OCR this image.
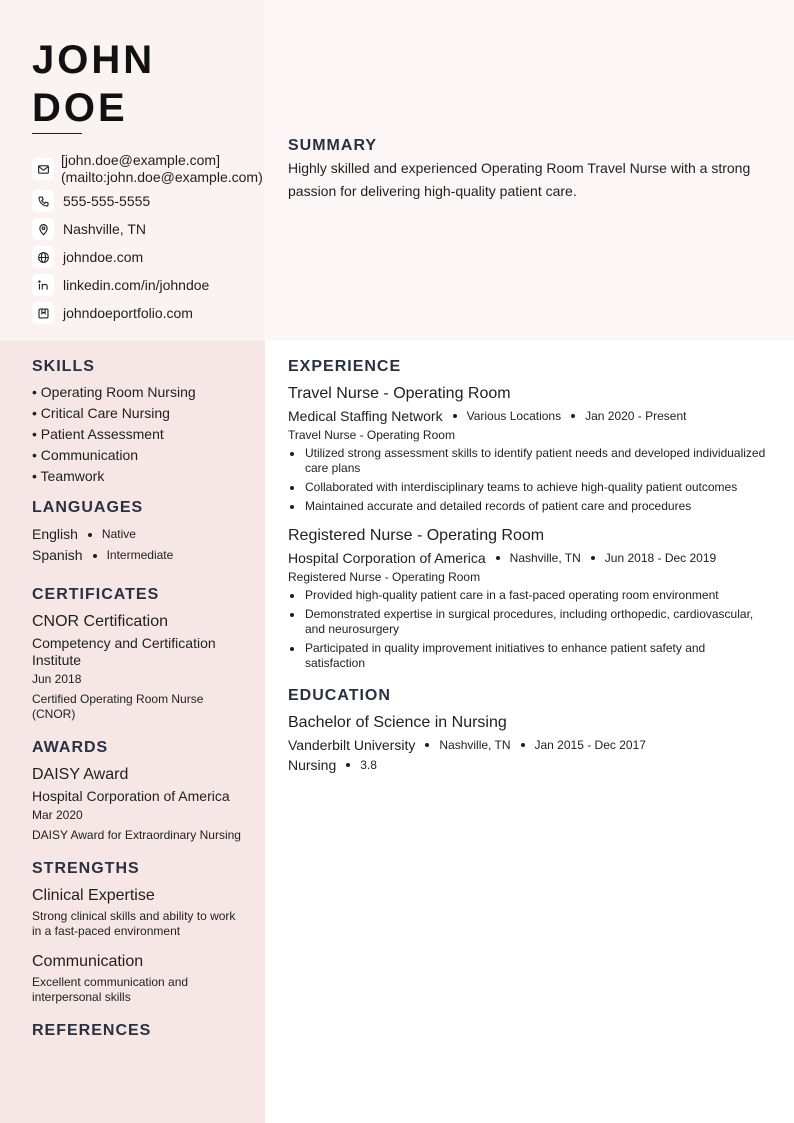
JOHN
DOE
[john.doe@example.com]
(mailto:john.doe@example.com)
555-555-5555
Nashville, TN
johndoe.com
linkedin.com/in/johndoe
johndoeportfolio.com
SUMMARY

Highly skilled and experienced Operating Room Travel Nurse with a strong passion for delivering high-quality patient care.

SKILLS
• Operating Room Nursing
• Critical Care Nursing
• Patient Assessment
• Communication
• Teamwork
LANGUAGES
English Native
Spanish Intermediate
CERTIFICATES
CNOR Certification
Competency and Certification Institute
Jun 2018
Certified Operating Room Nurse (CNOR)
AWARDS
DAISY Award
Hospital Corporation of America
Mar 2020
DAISY Award for Extraordinary Nursing
STRENGTHS
Clinical Expertise
Strong clinical skills and ability to work in a fast-paced environment
Communication
Excellent communication and interpersonal skills
REFERENCES
EXPERIENCE
Travel Nurse - Operating Room
Medical Staffing Network Various Locations Jan 2020 - Present
Travel Nurse - Operating Room
Utilized strong assessment skills to identify patient needs and developed individualized care plans
Collaborated with interdisciplinary teams to achieve high-quality patient outcomes
Maintained accurate and detailed records of patient care and procedures
Registered Nurse - Operating Room
Hospital Corporation of America Nashville, TN Jun 2018 - Dec 2019
Registered Nurse - Operating Room
Provided high-quality patient care in a fast-paced operating room environment
Demonstrated expertise in surgical procedures, including orthopedic, cardiovascular, and neurosurgery
Participated in quality improvement initiatives to enhance patient safety and satisfaction
EDUCATION
Bachelor of Science in Nursing
Vanderbilt University Nashville, TN Jan 2015 - Dec 2017
Nursing 3.8
